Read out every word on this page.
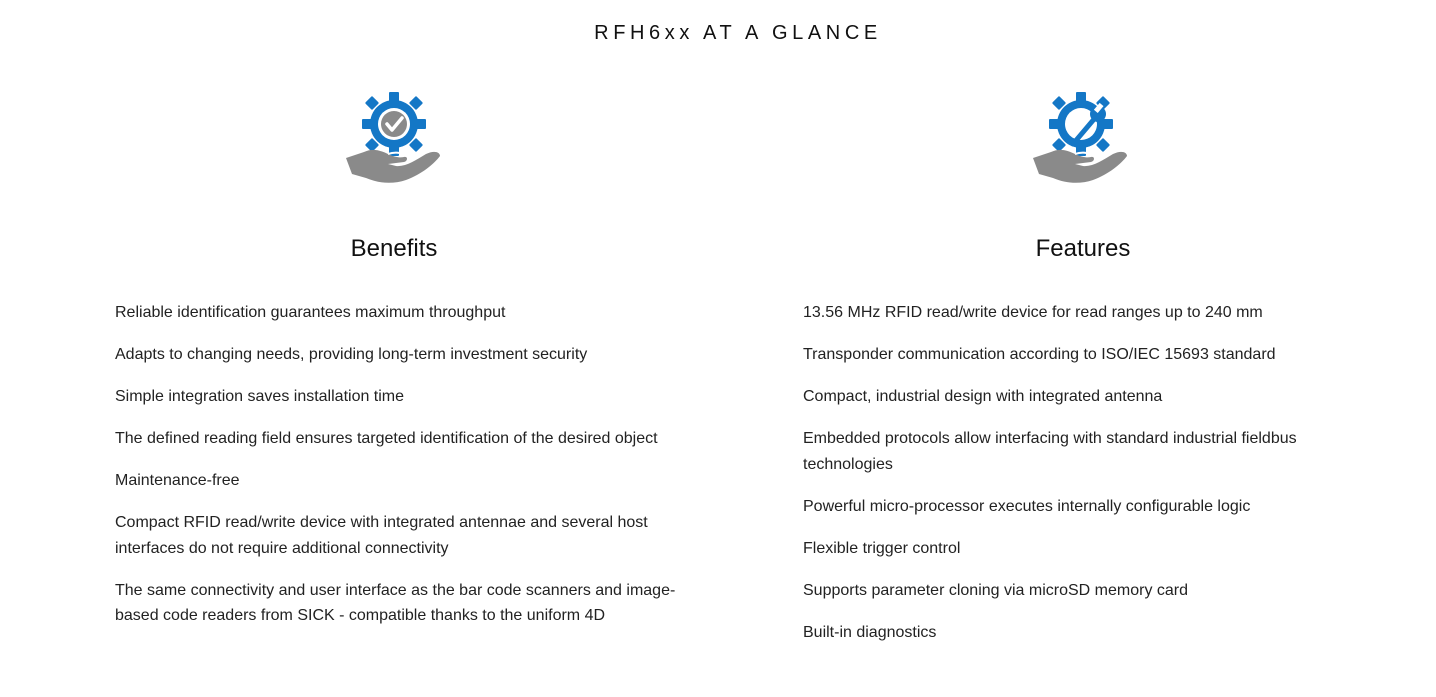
RFH6xx AT A GLANCE
Benefits
Reliable identification guarantees maximum throughput
Adapts to changing needs, providing long-term investment security
Simple integration saves installation time
The defined reading field ensures targeted identification of the desired object
Maintenance-free
Compact RFID read/write device with integrated antennae and several host interfaces do not require additional connectivity
The same connectivity and user interface as the bar code scanners and image-based code readers from SICK - compatible thanks to the uniform 4D
Features
13.56 MHz RFID read/write device for read ranges up to 240 mm
Transponder communication according to ISO/IEC 15693 standard
Compact, industrial design with integrated antenna
Embedded protocols allow interfacing with standard industrial fieldbus technologies
Powerful micro-processor executes internally configurable logic
Flexible trigger control
Supports parameter cloning via microSD memory card
Built-in diagnostics
